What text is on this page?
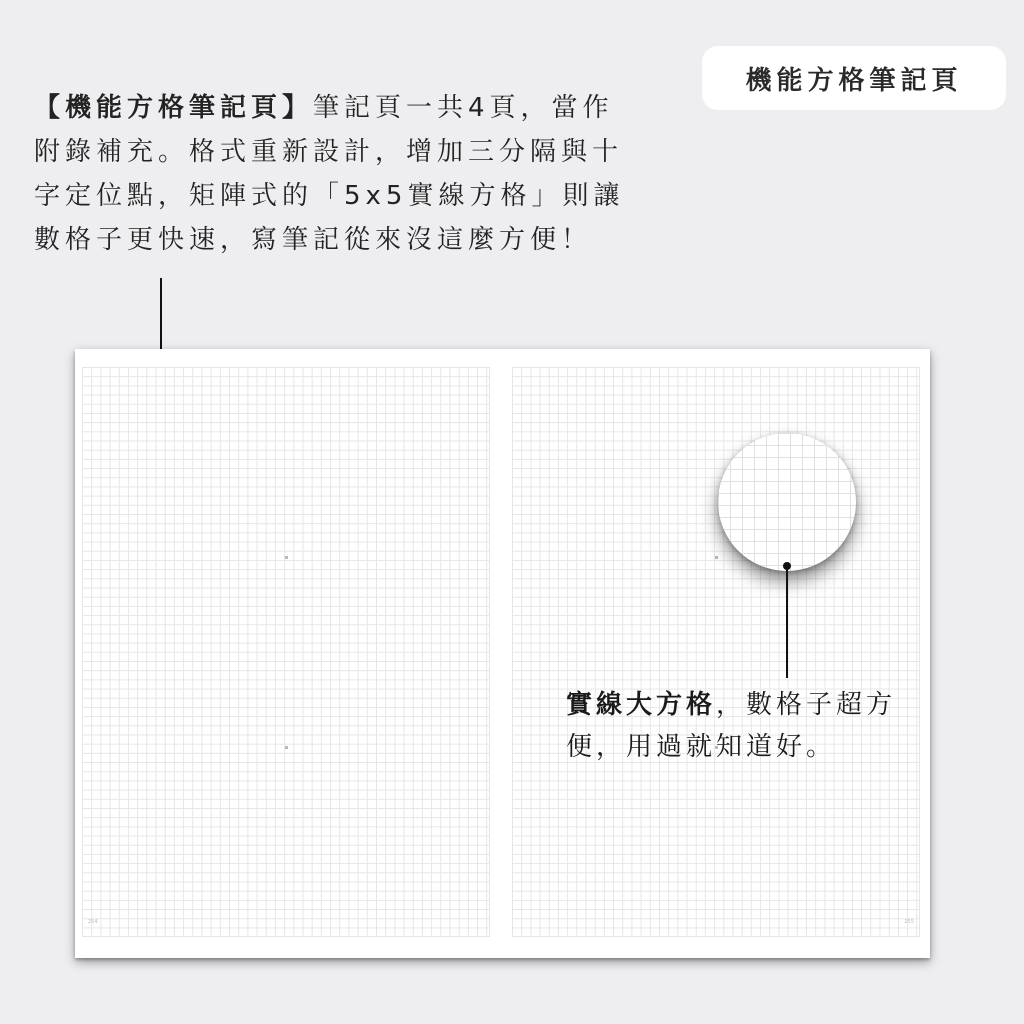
機能方格筆記頁

【機能方格筆記頁】筆記頁一共4頁，當作

附錄補充。格式重新設計，增加三分隔與十

字定位點，矩陣式的「5x5實線方格」則讓

數格子更快速，寫筆記從來沒這麼方便！

254	255

實線大方格，數格子超方

便，用過就知道好。
